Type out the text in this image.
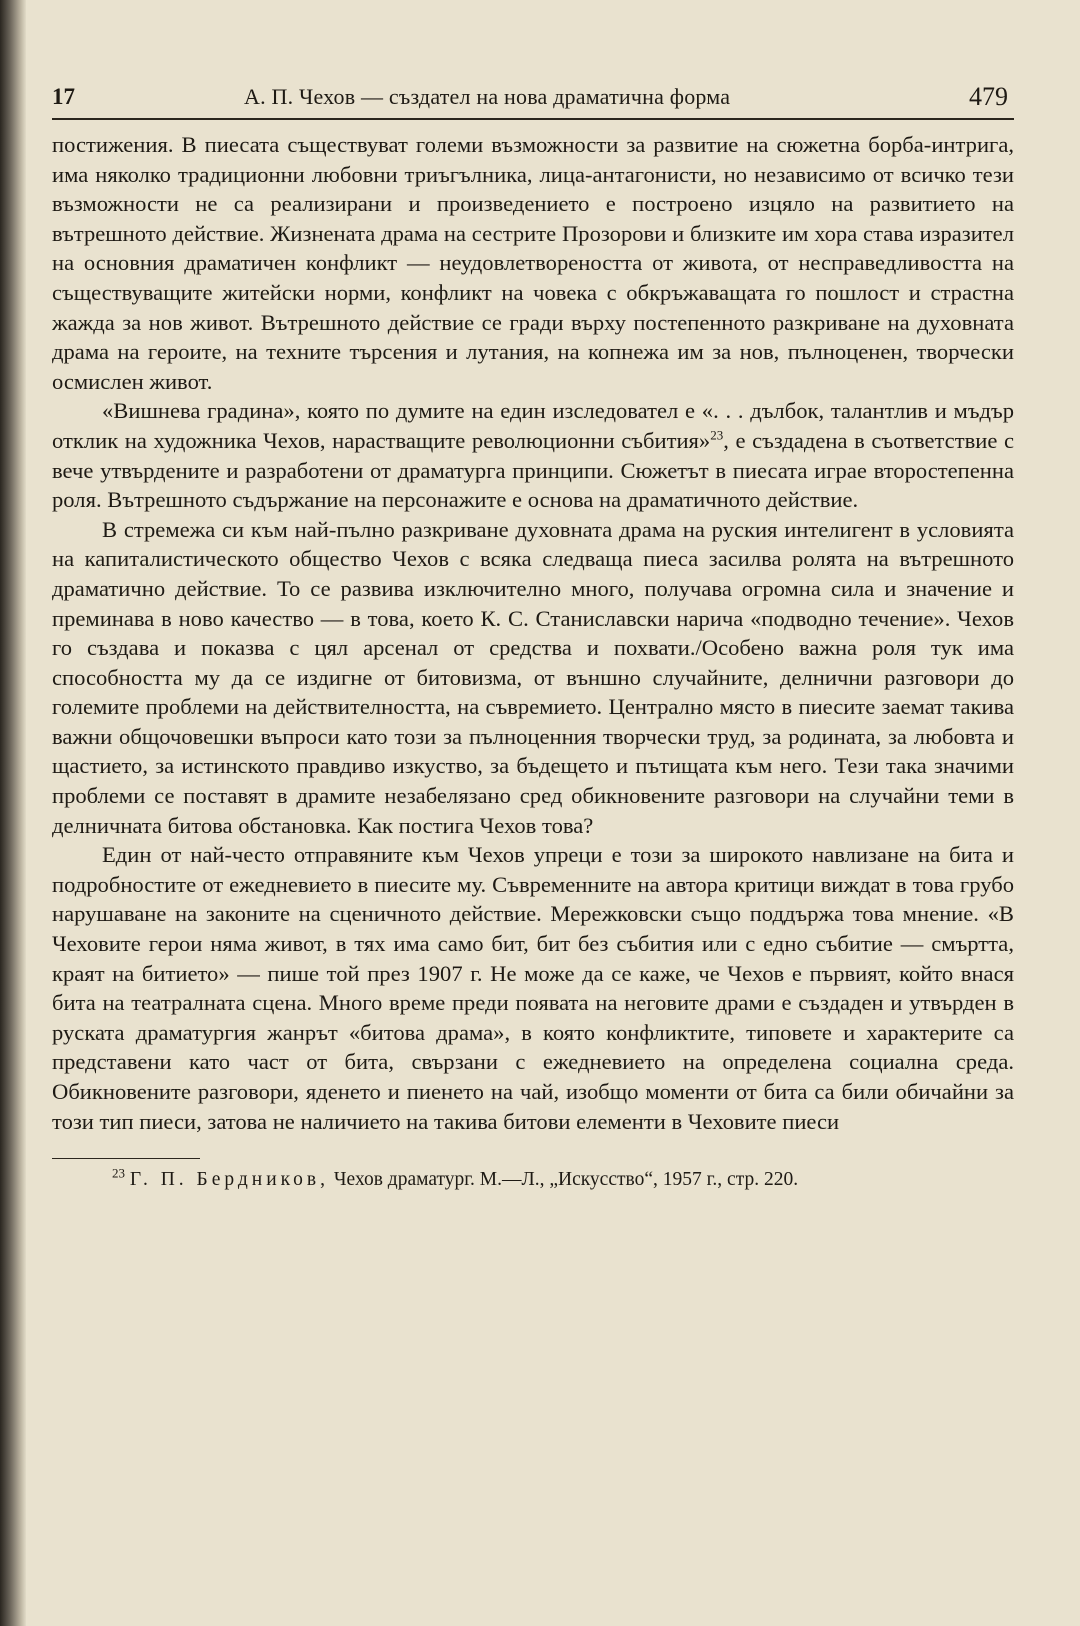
17	А. П. Чехов — създател на нова драматична форма	479

постижения. В пиесата съществуват големи възможности за развитие на сюжетна борба-интрига, има няколко традиционни любовни триъгълника, лица-антагонисти, но независимо от всичко тези възможности не са реализирани и произведението е построено изцяло на развитието на вътрешното действие. Жизнената драма на сестрите Прозорови и близките им хора става изразител на основния драматичен конфликт — неудовлетвореността от живота, от несправедливостта на съществуващите житейски норми, конфликт на човека с обкръжаващата го пошлост и страстна жажда за нов живот. Вътрешното действие се гради върху постепенното разкриване на духовната драма на героите, на техните търсения и лутания, на копнежа им за нов, пълноценен, творчески осмислен живот.

«Вишнева градина», която по думите на един изследовател е «. . . дълбок, талантлив и мъдър отклик на художника Чехов, нарастващите революционни събития»$^{23}$, е създадена в съответствие с вече утвърдените и разработени от драматурга принципи. Сюжетът в пиесата играе второстепенна роля. Вътрешното съдържание на персонажите е основа на драматичното действие.

В стремежа си към най-пълно разкриване духовната драма на руския интелигент в условията на капиталистическото общество Чехов с всяка следваща пиеса засилва ролята на вътрешното драматично действие. То се развива изключително много, получава огромна сила и значение и преминава в ново качество — в това, което К. С. Станиславски нарича «подводно течение». Чехов го създава и показва с цял арсенал от средства и похвати./Особено важна роля тук има способността му да се издигне от битовизма, от външно случайните, делнични разговори до големите проблеми на действителността, на съвремието. Централно място в пиесите заемат такива важни общочовешки въпроси като този за пълноценния творчески труд, за родината, за любовта и щастието, за истинското правдиво изкуство, за бъдещето и пътищата към него. Тези така значими проблеми се поставят в драмите незабелязано сред обикновените разговори на случайни теми в делничната битова обстановка. Как постига Чехов това?

Един от най-често отправяните към Чехов упреци е този за широкото навлизане на бита и подробностите от ежедневието в пиесите му. Съвременните на автора критици виждат в това грубо нарушаване на законите на сценичното действие. Мережковски също поддържа това мнение. «В Чеховите герои няма живот, в тях има само бит, бит без събития или с едно събитие — смъртта, краят на битието» — пише той през 1907 г. Не може да се каже, че Чехов е първият, който внася бита на театралната сцена. Много време преди появата на неговите драми е създаден и утвърден в руската драматургия жанрът «битова драма», в която конфликтите, типовете и характерите са представени като част от бита, свързани с ежедневието на определена социална среда. Обикновените разговори, яденето и пиенето на чай, изобщо моменти от бита са били обичайни за този тип пиеси, затова не наличието на такива битови елементи в Чеховите пиеси

$^{23}$ Г. П. Бердников, Чехов драматург. М.—Л., „Искусство“, 1957 г., стр. 220.
